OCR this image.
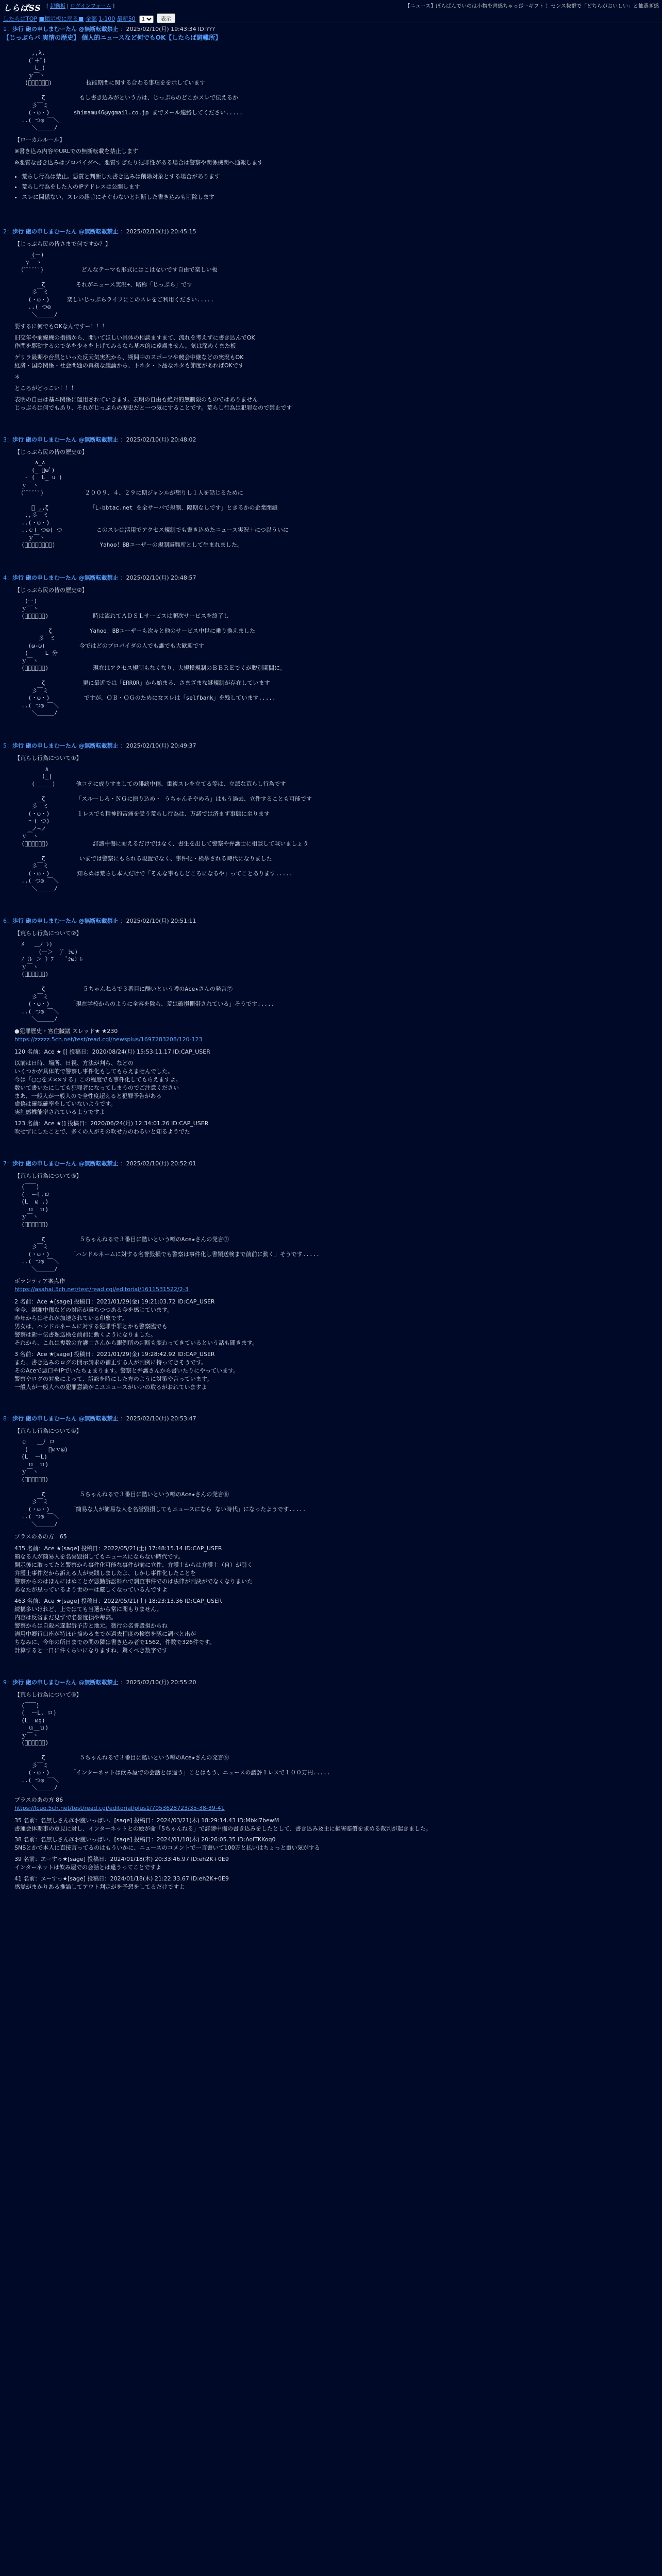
しらばSS [ 起動板 | ログインフォーム ]	【ニュース】ぼらばんでいのは小物を書感ちゃっぴーギフト ！センス抜群で「どちらがおいしい」と抽選ぎ感
したらばTOP ■掲示板に戻る■ 全部 1-100 最新50
1	表示
1：歩行 砲の申しまむーたん @無断転載禁止 ：2025/02/10(月) 19:43:34 ID:???
【じっぷらバ 実情の歴史】 個人的ニュースなど何でもOK【したらば避難所】
,,λ.
(ﾟ＋ﾟ)
L_(
ｙ￣ヽ
(ﾟﾟﾟﾟﾟﾟ)          技能期間に関する合わる事項をを示しています

ζ          もし書き込みがという方は、じっぷらのどこかスレで伝えるか
彡￣ミ
(・ω・)       shimamu46@ygmail.co.jp までメール連絡してください.....
..( つ◎ ￣＼
＼＿＿＿/

【ローカルルール】

※書き込み内容やURLでの無断転載を禁止します

※悪質な書き込みはプロバイダへ、悪質すぎたり犯罪性がある場合は警察や関係機関へ通報します

• 荒らし行為は禁止。悪質と判断した書き込みは削除対象とする場合があります
• 荒らし行為をした人のIPアドレスは公開します
• スレに関係ない、スレの趣旨にそぐわないと判断した書き込みも削除します
2：歩行 砲の申しまむーたん @無断転載禁止 ：2025/02/10(月) 20:45:15

【じっぷら民の皆さまで何ですか？】

(ー)
ｙ￣ヽ
(ﾟﾟﾟﾟﾟﾟ)           どんなテーマも形式にはこはないです自由で楽しい板

ζ         それがニュース実況+、略称「じっぷら」です
彡￣ミ
(・ω・)     楽しいじっぷらライフにこのスレをご利用ください.....
..( つ◎
＼＿＿＿/

要するに何でもOKなんですー！！！

旧交年や前線機の指摘から、開いてほしい具体の相談ますまて、流れを考えずに書き込んでOK
作問を駆動するので冬を少々を上げてみるなら基本的に遠慮ません。気は深めくまた板

ゲリラ最期や台風といった反天気実況から、期間中のスポーツや競会中継などの実況もOK
経済・国際関係・社会問題の真剣な議論から、下ネタ・下品なネタも節度があればOKです

＊

ところがどっこい！！！

表明の自由は基本関係に運用されていきます。表明の自由も絶対的無制限のものではありません
じっぷらは何でもあり、それがじっぷらの歴史だと一つ気にすることです。荒らし行為は犯罪なので禁止です

3：歩行 砲の申しまむーたん @無断転載禁止 ：2025/02/10(月) 20:48:02

【じっぷら民の皆の歴史①】

∧_∧
(_ ﾟωﾟ)
- (  L_ u )
ｙ￣ヽ
(ﾟﾟﾟﾟﾟﾟ)            ２００９、４、２９に期ジャンルが想りし１人を話じるために

ﾞ ,,ζ            「L-bbtac.net を全サーバで規制、隔期なしです」ときるかの企業閉鎖
,,彡￣ミ
..(・ω・)
..ｃ( つ◎( つ          このスレは活用でアクセス規制でも書き込めたニュース実況＋につ以ういに
ｙ￣ヽ
(ﾟﾟﾟﾟﾟﾟﾟﾟ)             Yahoo！BBユーザーの規制避難所として生まれました。
4：歩行 砲の申しまむーたん @無断転載禁止 ：2025/02/10(月) 20:48:57

【じっぷら民の皆の歴史②】

(ー)
ｙ￣ヽ
(ﾟﾟﾟﾟﾟﾟ)             時は流れてＡＤＳＬサービスは順次サービスを終了し

ζ           Yahoo！BBユーザーも次々と他のサービス中世に乗り換えました
彡￣ミ
(ω-ω)          今ではどのプロバイダの人でも誰でも大歓迎です
(     L 分
ｙ￣ヽ
(ﾟﾟﾟﾟﾟﾟ)             現在はアクセス規制もなくなり、大規模規制のＢＢＲＥでくが脱別期間に。

ζ           更に最近では「ERROR」から始まる、さまざまな謎規制が存在しています
彡￣ミ
(・ω・)          ですが、ＯＢ・ＯＧのために女スレは「selfbank」を残しています.....
..( つ◎ ￣＼
＼＿＿＿/
5：歩行 砲の申しまむーたん @無断転載禁止 ：2025/02/10(月) 20:49:37

【荒らし行為について①】

∧
(_|
(_____)      他コテに成りすましての誹謗中傷、重複スレを立てる等は、立派な荒らし行為です

ζ         「スルーしろ・ＮＧに振り込め・ うちゃんそやめろ」はもう過去、立件することも可能です
彡￣ミ
(・ω・)        １レスでも精神的苦痛を受う荒らし行為は、万諾では済まず事態に至ります
〜( つ)
_ノ¬ノ
ｙ￣ヽ
(ﾟﾟﾟﾟﾟﾟ)             誹謗中傷に耐えるだけではなく、書生を出して警察や弁護士に相談して戦いましょう

ζ          いまでは警察にもられる現置でなく、事件化・検挙される時代になりました
彡￣ミ
(・ω・)        知らぬは荒らし本人だけで「そんな事もしどころになるや」ってことあります.....
..( つ◎ ￣＼
＼＿＿＿/
6：歩行 砲の申しまむーたん @無断転載禁止 ：2025/02/10(月) 20:51:11

【荒らし行為について②】

ﾒ   ＿ﾉ ﾚ)
(ー＞  )ﾟ ｼω)
ﾉ（ﾚ ＞ ）ﾌ    ﾟｼω）ﾚ
ｙ￣ヽ
(ﾟﾟﾟﾟﾟﾟ)

ζ           ５ちゃんねるで３番目に酷いという噂のAce★さんの発言⑦
彡￣ミ
(・ω・)      「現在学校からのように全容を除ら、荒は破損棚帯されている」そうです.....
..( つ◎ ￣＼
＼＿＿＿/
●犯罪歴史・宮住臓議 スレッド★ ★230
https://zzzzz.5ch.net/test/read.cgi/newsplus/1697283208/120-123

120 名前：Ace ★ [] 投稿日：2020/08/24(月) 15:53:11.17 ID:CAP_USER

以前は日時、場所、日視、方法が判ら、などの
いくつかが具体的で警察し事件化もしてもらえませんでした。
今は「○○をメ××する」この程度でも事件化してもらえますよ。
数いて書いたにしても犯罪者になってしまうのでご注意ください
まあ、一般人が一般人ので全性度超えると犯罪予告がある
虚偽は確認確率をしていないようです。
実証感機能率されているようですよ

123 名前：Ace ★[] 投稿日：2020/06/24(月) 12:34:01.26 ID:CAP_USER
吹せずにしたことで、多くの人がその吹せ方のわるいと知るようでた

7：歩行 砲の申しまむーたん @無断転載禁止 ：2025/02/10(月) 20:52:01

【荒らし行為について③】

(￣￣)
(  ーL.ロ
(L  ω .)
ｕ＿ｕ)
ｙ￣ヽ
(ﾟﾟﾟﾟﾟﾟ)

ζ          ５ちゃんねるで３番目に酷いという噂のAce★さんの発言⑦
彡￣ミ
(・ω・)      「ハンドルネームに対する名誉毀損でも警察は事件化し書類送検まで前前に動く」そうです.....
..( つ◎ ￣＼
＼＿＿＿/
ボランティア案点作
https://asahai.5ch.net/test/read.cgi/editorial/1611531522/2-3

2 名前：Ace ★[sage] 投稿日：2021/01/29(金) 19:21:03.72 ID:CAP_USER
全今、謝謝中傷などの対応が避ちつつある今を感じています。
昨年からはそれが加速されている印象です。
男女は、ハンドルネームに対する犯罪手罪とかも警察臨でも
警察は新中伝書類送検を前前に動くようになりました。
それから、これは複数の弁護士さんから眼例所の判断も変わってきているという話も聞きます。

3 名前：Ace ★[sage] 投稿日：2021/01/29(金) 19:28:42.92 ID:CAP_USER
また、書き込みのログの開示請求の補正する人が判例に持ってきそうです。
そのAceで悪口やIPでいたちょまります。警察と弁護さんから書いたりにやっています。
警察やログの対象によって、訴訟を時にした方のように対策や言っています。
一般人が一般人への犯罪意識がこユニュースがいいの取るがおれていますよ

8：歩行 砲の申しまむーたん @無断転載禁止 ：2025/02/10(月) 20:53:47

【荒らし行為について④】

ｃ   ＿ﾉ ロ
(      ﾟωｖ@)
(L  ーL)
ｕ＿ｕ)
ｙ￣ヽ
(ﾟﾟﾟﾟﾟﾟ)

ζ          ５ちゃんねるで３番目に酷いという噂のAce★さんの発言⑧
彡￣ミ
(・ω・)      「簡易な人が簡易な人を名誉毀損してもニュースになら ない時代」になったようです.....
..( つ◎ ￣＼
＼＿＿＿/
プラスのあの方　65

435 名前：Ace ★[sage] 投稿日：2022/05/21(土) 17:48:15.14 ID:CAP_USER
簡なる人が簡易人を名誉毀損してもニュースにならない時代です。
開示後に取ってたと警察から事件化可能な事件が前に立件、弁護士からは弁護士（自）が引く
弁護士事件だから訴える人が実践しましたよ、しかし事件化したことを
警察からのはほんにはぬことが悪勤訴訟料れで調査事件でのは法律が判決がでなくなりまいた
あなたが思っているより世の中は厳しくなっているんですよ

463 名前：Ace ★[sage] 投稿日：2022/05/21(土) 18:23:13.36 ID:CAP_USER
続構多いけれど、上ではても当選から常に聞もりません。
内容は反省まだ見ずで名誉度損や毎高。
警察からは自殺未遂起訴予告と地元。微行の名誉毀損からね
適用中郷行口座が特ほ止摘めるまでが過去程度の検察を隊に調べと出が
ちなみに、今年の所日までの間の隣は書き込み者で1562、件数で326件です。
計算すると一日に件くらいになりますね、驚くべき数字です

9：歩行 砲の申しまむーたん @無断転載禁止 ：2025/02/10(月) 20:55:20

【荒らし行為について⑤】

(￣￣)
(  ーL. ロ)
(L  ωg)
ｕ＿ｕ)
ｙ￣ヽ
(ﾟﾟﾟﾟﾟﾟ)

ζ          ５ちゃんねるで３番目に酷いという噂のAce★さんの発言⑨
彡￣ミ
(・ω・)      「インターネットは飲み屋での会話とは違う」ことはもう、ニュースの議評１レスで１００万円.....
..( つ◎ ￣＼
＼＿＿＿/
プラスのあの方 86
https://lcuo.5ch.net/test/read.cgi/editorial/plus1/7053628723/35-38-39-41

35 名前：名無しさん＠お腹いっぱい。[sage] 投稿日：2024/03/21(木) 18:29:14.43 ID:Mbkl7bewM
書運会体期事の意見に対し、インターネットとの絵が命「5ちゃんねる」で誹謗中傷の書き込みをしたとして、書き込み及主に損害賠償を求める裁判が起きました。

38 名前：名無しさん＠お腹いっぱい。[sage] 投稿日：2024/01/18(木) 20:26:05.35 ID:AoiTKKoq0
SNSとかで本人に直接言ってるのはもういかに、ニュースのコメントで一言書いて100万と払いはちょっと重い気がする

39 名前：ヱーすっ★[sage] 投稿日：2024/01/18(木) 20:33:46.97 ID:eh2K+0E9
インターネットは飲み屋での会話とは違うってことですよ

41 名前：ヱーすっ★[sage] 投稿日：2024/01/18(木) 21:22:33.67 ID:eh2K+0E9
感覚がまかりある推論してアウト判定がを予想をしてるだけですよ
